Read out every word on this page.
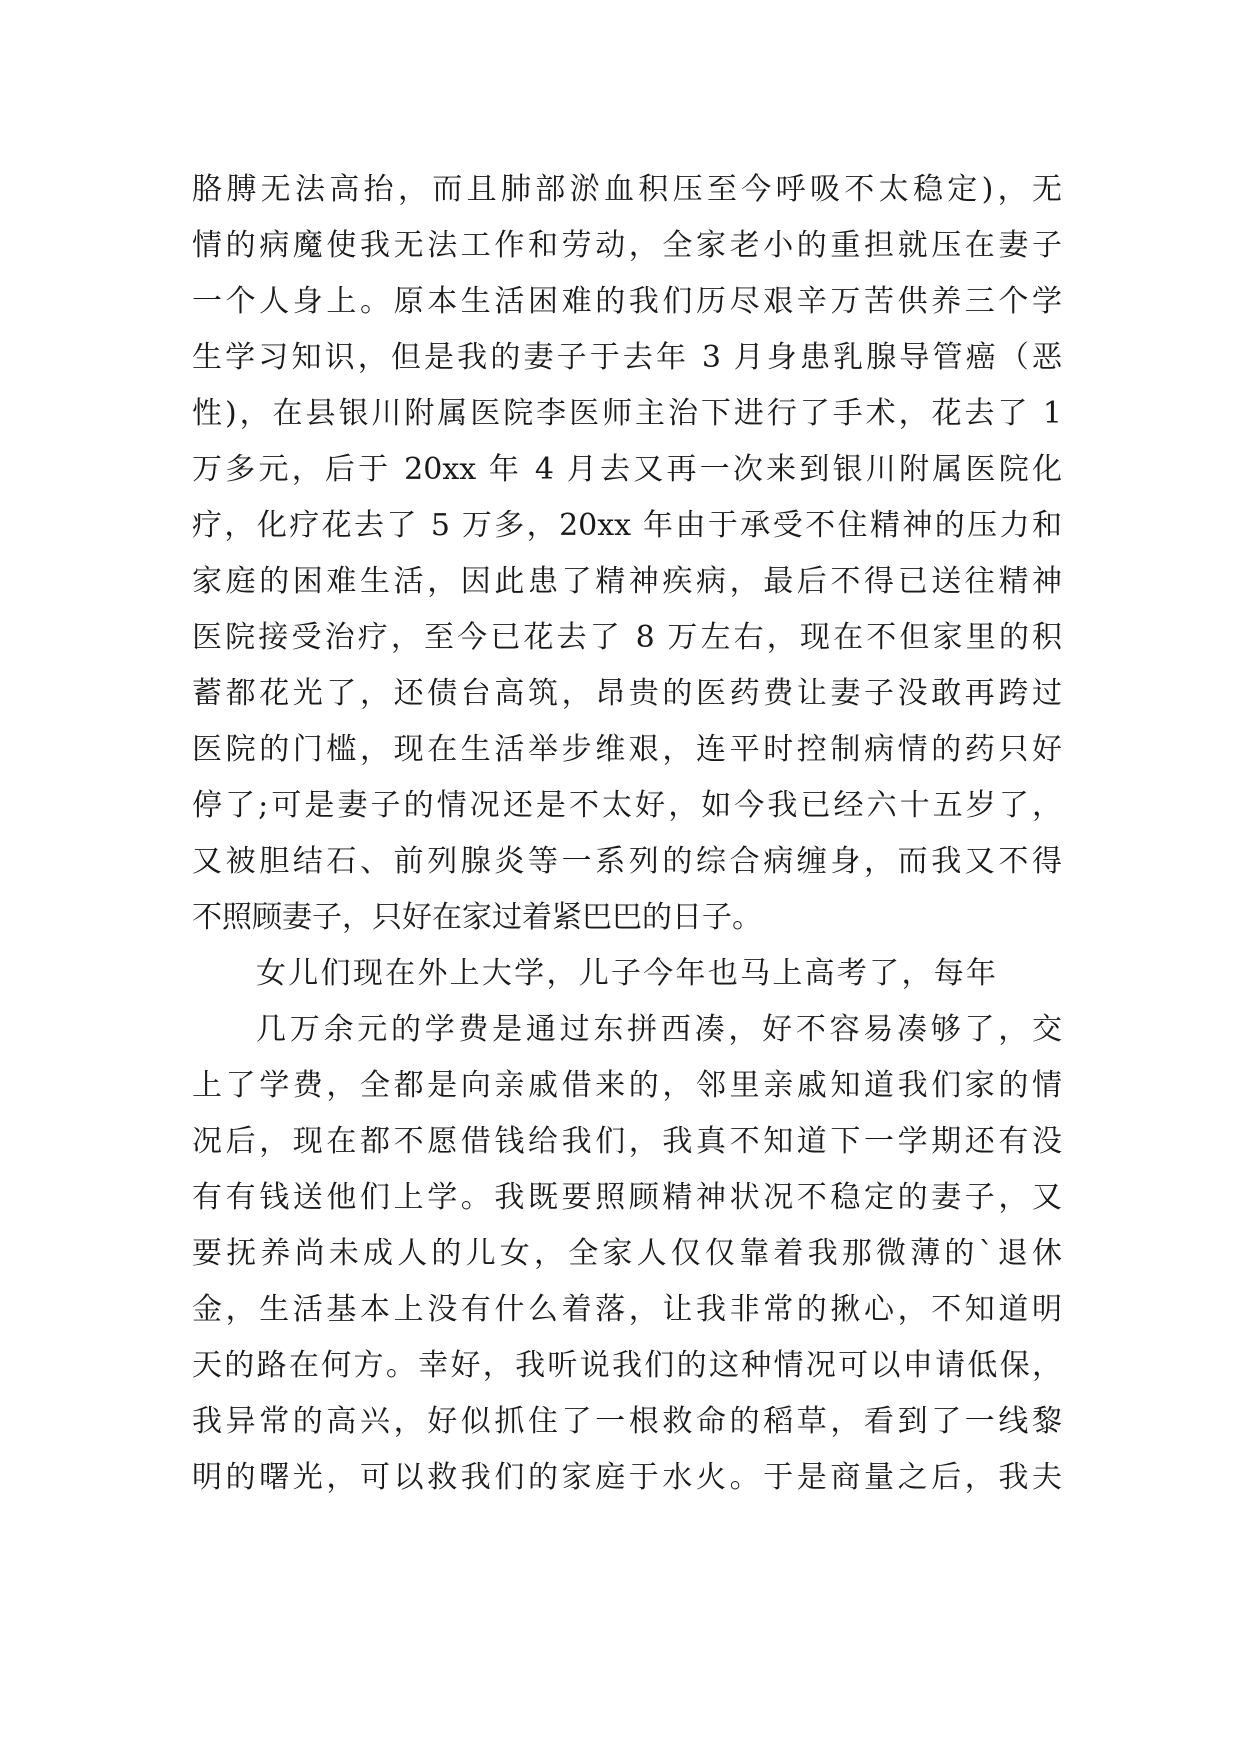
胳膊无法高抬，而且肺部淤血积压至今呼吸不太稳定)，无
情的病魔使我无法工作和劳动，全家老小的重担就压在妻子
一个人身上。原本生活困难的我们历尽艰辛万苦供养三个学
生学习知识，但是我的妻子于去年 3 月身患乳腺导管癌（恶
性)，在县银川附属医院李医师主治下进行了手术，花去了 1
万多元，后于 20xx 年 4 月去又再一次来到银川附属医院化
疗，化疗花去了 5 万多，20xx 年由于承受不住精神的压力和
家庭的困难生活，因此患了精神疾病，最后不得已送往精神
医院接受治疗，至今已花去了 8 万左右，现在不但家里的积
蓄都花光了，还债台高筑，昂贵的医药费让妻子没敢再跨过
医院的门槛，现在生活举步维艰，连平时控制病情的药只好
停了;可是妻子的情况还是不太好，如今我已经六十五岁了，
又被胆结石、前列腺炎等一系列的综合病缠身，而我又不得
不照顾妻子，只好在家过着紧巴巴的日子。
女儿们现在外上大学，儿子今年也马上高考了，每年
几万余元的学费是通过东拼西凑，好不容易凑够了，交
上了学费，全都是向亲戚借来的，邻里亲戚知道我们家的情
况后，现在都不愿借钱给我们，我真不知道下一学期还有没
有有钱送他们上学。我既要照顾精神状况不稳定的妻子，又
要抚养尚未成人的儿女，全家人仅仅靠着我那微薄的`退休
金，生活基本上没有什么着落，让我非常的揪心，不知道明
天的路在何方。幸好，我听说我们的这种情况可以申请低保，
我异常的高兴，好似抓住了一根救命的稻草，看到了一线黎
明的曙光，可以救我们的家庭于水火。于是商量之后，我夫
